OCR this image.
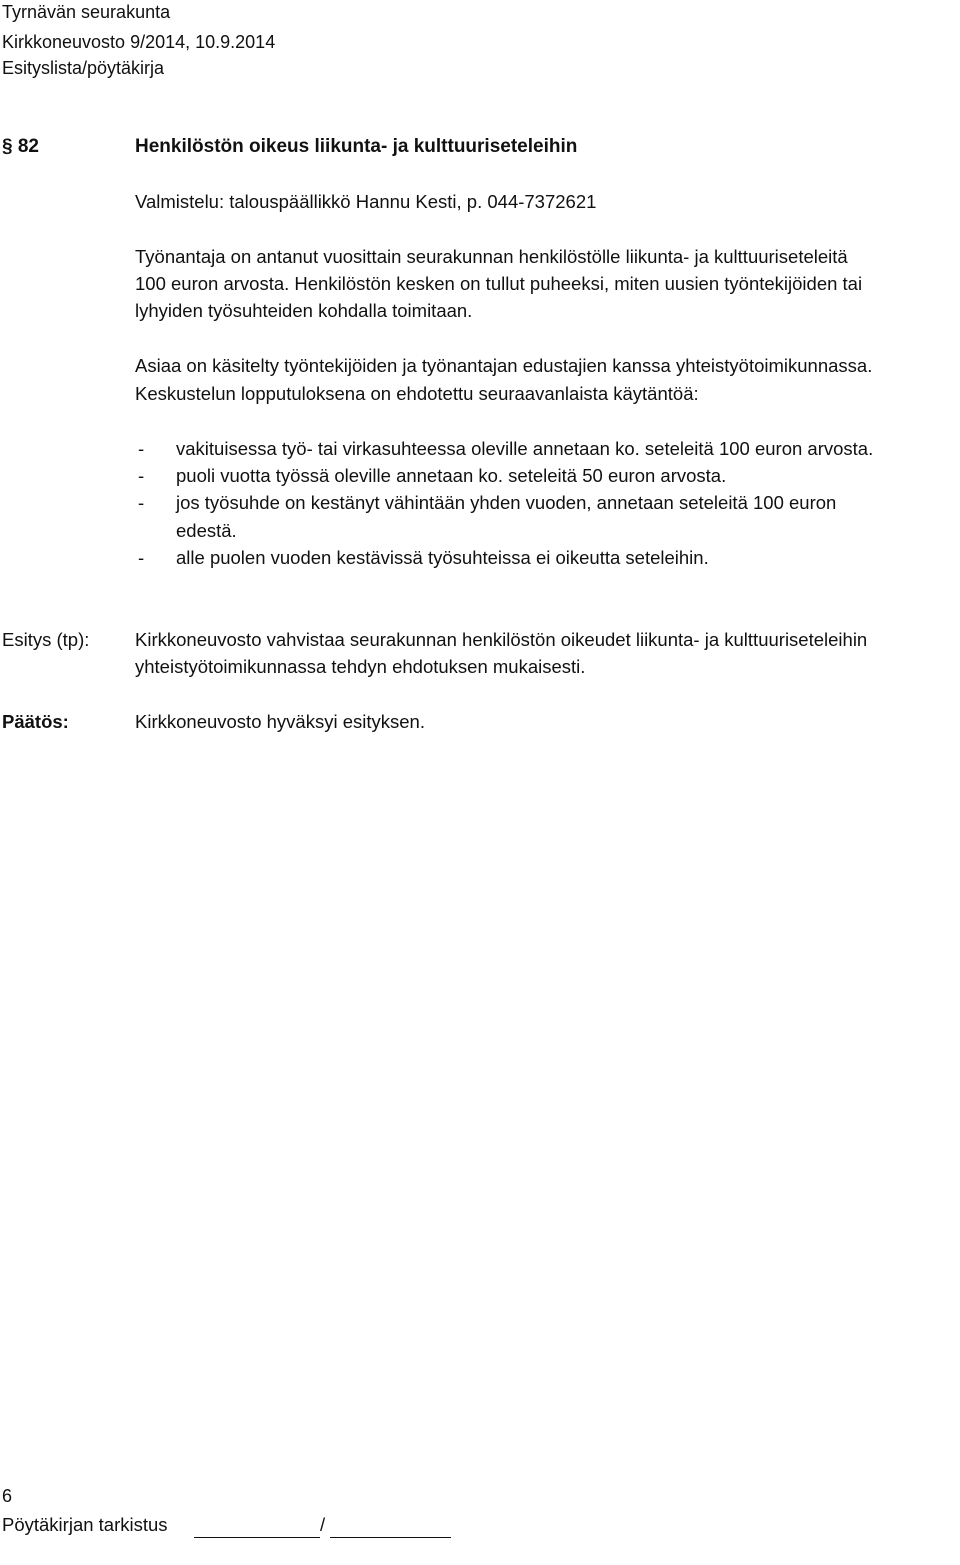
Tyrnävän seurakunta
Kirkkoneuvosto 9/2014, 10.9.2014
Esityslista/pöytäkirja
§ 82	Henkilöstön oikeus liikunta- ja kulttuuriseteleihin
Valmistelu: talouspäällikkö Hannu Kesti, p. 044-7372621
Työnantaja on antanut vuosittain seurakunnan henkilöstölle liikunta- ja kulttuuriseteleitä
100 euron arvosta. Henkilöstön kesken on tullut puheeksi, miten uusien työntekijöiden tai
lyhyiden työsuhteiden kohdalla toimitaan.
Asiaa on käsitelty työntekijöiden ja työnantajan edustajien kanssa yhteistyötoimikunnassa.
Keskustelun lopputuloksena on ehdotettu seuraavanlaista käytäntöä:
- vakituisessa työ- tai virkasuhteessa oleville annetaan ko. seteleitä 100 euron arvosta.
- puoli vuotta työssä oleville annetaan ko. seteleitä 50 euron arvosta.
- jos työsuhde on kestänyt vähintään yhden vuoden, annetaan seteleitä 100 euron
edestä.
- alle puolen vuoden kestävissä työsuhteissa ei oikeutta seteleihin.
Esitys (tp): Kirkkoneuvosto vahvistaa seurakunnan henkilöstön oikeudet liikunta- ja kulttuuriseteleihin
yhteistyötoimikunnassa tehdyn ehdotuksen mukaisesti.
Päätös:	Kirkkoneuvosto hyväksyi esityksen.
6
Pöytäkirjan tarkistus	/
